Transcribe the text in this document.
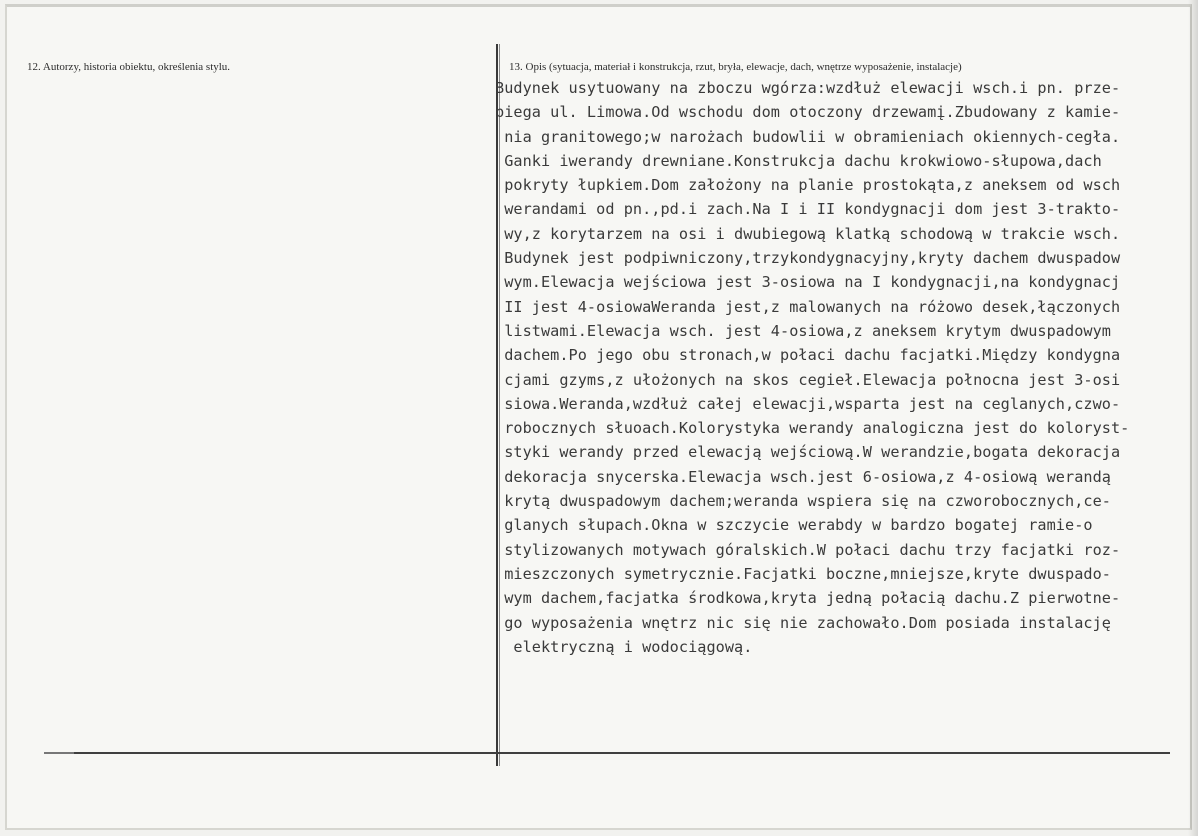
12. Autorzy, historia obiektu, określenia stylu.	13. Opis (sytuacja, materiał i konstrukcja, rzut, bryła, elewacje, dach, wnętrze wyposażenie, instalacje)
Budynek usytuowany na zboczu wgórza:wzdłuż elewacji wsch.i pn. prze-
biega ul. Limowa.Od wschodu dom otoczony drzewamį.Zbudowany z kamie-
nia granitowego;w narożach budowlii w obramieniach okiennych-cegła.
Ganki iwerandy drewniane.Konstrukcja dachu krokwiowo-słupowa,dach
pokryty łupkiem.Dom założony na planie prostokąta,z aneksem od wsch
werandami od pn.,pd.i zach.Na I i II kondygnacji dom jest 3-trakto-
wy,z korytarzem na osi i dwubiegową klatką schodową w trakcie wsch.
Budynek jest podpiwniczony,trzykondygnacyjny,kryty dachem dwuspadow
wym.Elewacja wejściowa jest 3-osiowa na I kondygnacji,na kondygnacj
II jest 4-osiowaWeranda jest,z malowanych na różowo desek,łączonych
listwami.Elewacja wsch. jest 4-osiowa,z aneksem krytym dwuspadowym
dachem.Po jego obu stronach,w połaci dachu facjatki.Między kondygna
cjami gzyms,z ułożonych na skos cegieł.Elewacja połnocna jest 3-osi
siowa.Weranda,wzdłuż całej elewacji,wsparta jest na ceglanych,czwo-
robocznych słuoach.Kolorystyka werandy analogiczna jest do koloryst-
styki werandy przed elewacją wejściową.W werandzie,bogata dekoracja
dekoracja snycerska.Elewacja wsch.jest 6-osiowa,z 4-osiową werandą
krytą dwuspadowym dachem;weranda wspiera się na czworobocznych,ce-
glanych słupach.Okna w szczycie werabdy w bardzo bogatej ramie-o
stylizowanych motywach góralskich.W połaci dachu trzy facjatki roz-
mieszczonych symetrycznie.Facjatki boczne,mniejsze,kryte dwuspado-
wym dachem,facjatka środkowa,kryta jedną połacią dachu.Z pierwotne-
go wyposażenia wnętrz nic się nie zachowało.Dom posiada instalację
elektryczną i wodociągową.
